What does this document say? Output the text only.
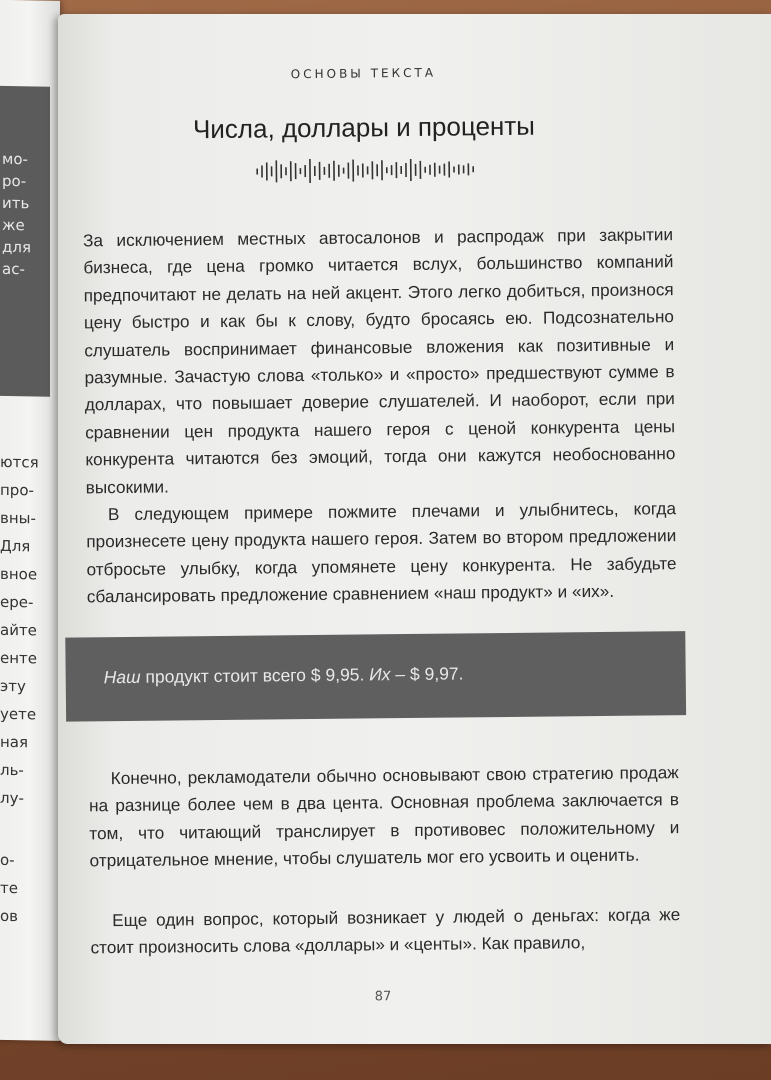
мо-
ро-
ить
же
для
ас-
ются
про-
вны-
Для
вное
ере-
айте
енте
эту
уете
ная
ль-
лу-
о-
те
ов
ОСНОВЫ ТЕКСТА
Числа, доллары и проценты

За исключением местных автосалонов и распродаж при закрытии бизнеса, где цена громко читается вслух, большинство компаний предпочитают не делать на ней акцент. Этого легко добиться, произнося цену быстро и как бы к слову, будто бросаясь ею. Подсознательно слушатель воспринимает финансовые вложения как позитивные и разумные. Зачастую слова «только» и «просто» предшествуют сумме в долларах, что повышает доверие слушателей. И наоборот, если при сравнении цен продукта нашего героя с ценой конкурента цены конкурента читаются без эмоций, тогда они кажутся необоснованно высокими.

В следующем примере пожмите плечами и улыбнитесь, когда произнесете цену продукта нашего героя. Затем во втором предложении отбросьте улыбку, когда упомянете цену конкурента. Не забудьте сбалансировать предложение сравнением «наш продукт» и «их».

Наш продукт стоит всего $ 9,95. Их – $ 9,97.

Конечно, рекламодатели обычно основывают свою стратегию продаж на разнице более чем в два цента. Основная проблема заключается в том, что читающий транслирует в противовес положительному и отрицательное мнение, чтобы слушатель мог его усвоить и оценить.

Еще один вопрос, который возникает у людей о деньгах: когда же стоит произносить слова «доллары» и «центы». Как правило,

87
